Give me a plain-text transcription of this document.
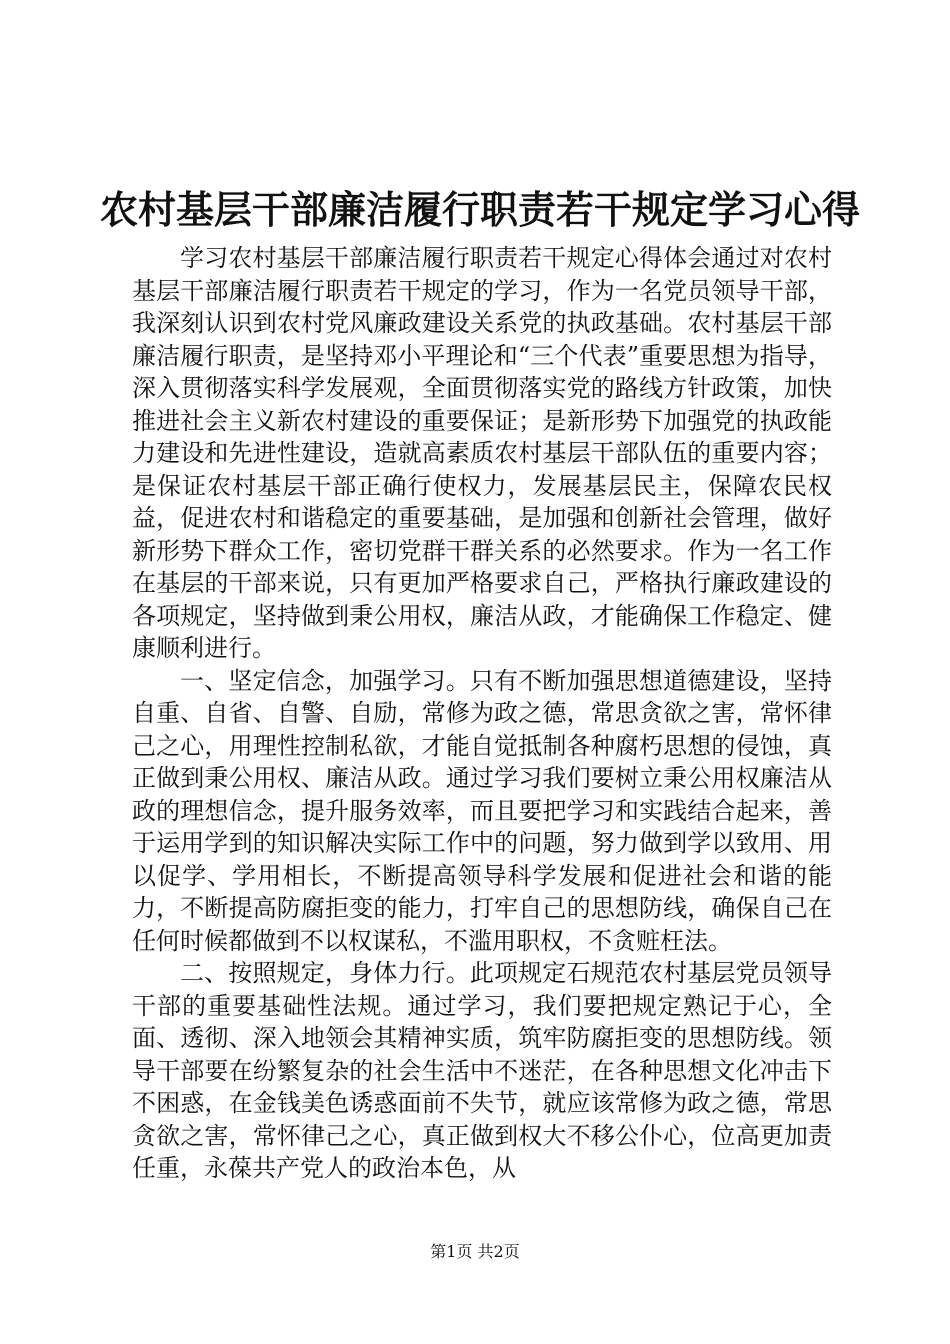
农村基层干部廉洁履行职责若干规定学习心得

学习农村基层干部廉洁履行职责若干规定心得体会通过对农村基层干部廉洁履行职责若干规定的学习，作为一名党员领导干部，我深刻认识到农村党风廉政建设关系党的执政基础。农村基层干部廉洁履行职责，是坚持邓小平理论和“三个代表”重要思想为指导，深入贯彻落实科学发展观，全面贯彻落实党的路线方针政策，加快推进社会主义新农村建设的重要保证；是新形势下加强党的执政能力建设和先进性建设，造就高素质农村基层干部队伍的重要内容；是保证农村基层干部正确行使权力，发展基层民主，保障农民权益，促进农村和谐稳定的重要基础，是加强和创新社会管理，做好新形势下群众工作，密切党群干群关系的必然要求。作为一名工作在基层的干部来说，只有更加严格要求自己，严格执行廉政建设的各项规定，坚持做到秉公用权，廉洁从政，才能确保工作稳定、健康顺利进行。

一、坚定信念，加强学习。只有不断加强思想道德建设，坚持自重、自省、自警、自励，常修为政之德，常思贪欲之害，常怀律己之心，用理性控制私欲，才能自觉抵制各种腐朽思想的侵蚀，真正做到秉公用权、廉洁从政。通过学习我们要树立秉公用权廉洁从政的理想信念，提升服务效率，而且要把学习和实践结合起来，善于运用学到的知识解决实际工作中的问题，努力做到学以致用、用以促学、学用相长，不断提高领导科学发展和促进社会和谐的能力，不断提高防腐拒变的能力，打牢自己的思想防线，确保自己在任何时候都做到不以权谋私，不滥用职权，不贪赃枉法。

二、按照规定，身体力行。此项规定石规范农村基层党员领导干部的重要基础性法规。通过学习，我们要把规定熟记于心，全面、透彻、深入地领会其精神实质，筑牢防腐拒变的思想防线。领导干部要在纷繁复杂的社会生活中不迷茫，在各种思想文化冲击下不困惑，在金钱美色诱惑面前不失节，就应该常修为政之德，常思贪欲之害，常怀律己之心，真正做到权大不移公仆心，位高更加责任重，永葆共产党人的政治本色，从

第1页 共2页
